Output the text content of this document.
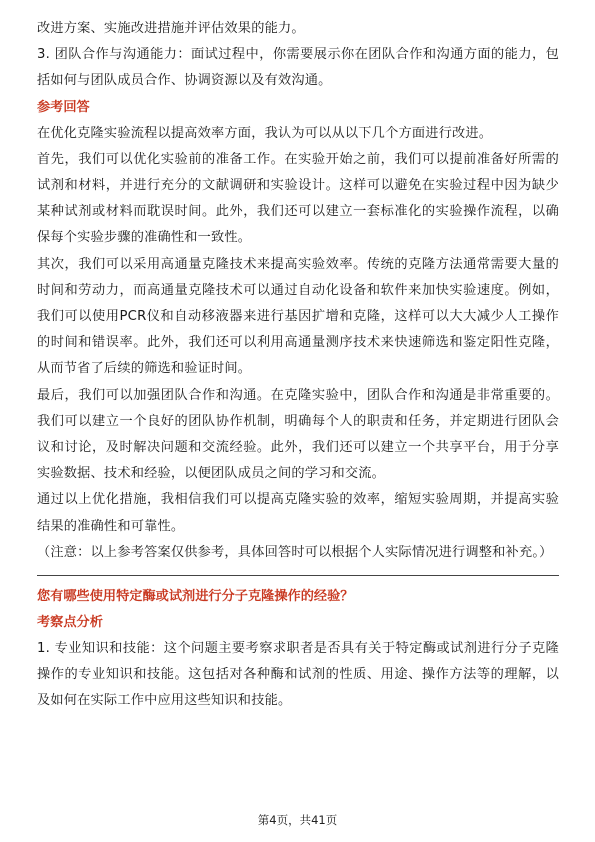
改进方案、实施改进措施并评估效果的能力。

3. 团队合作与沟通能力：面试过程中，你需要展示你在团队合作和沟通方面的能力，包括如何与团队成员合作、协调资源以及有效沟通。

参考回答

在优化克隆实验流程以提高效率方面，我认为可以从以下几个方面进行改进。

首先，我们可以优化实验前的准备工作。在实验开始之前，我们可以提前准备好所需的试剂和材料，并进行充分的文献调研和实验设计。这样可以避免在实验过程中因为缺少某种试剂或材料而耽误时间。此外，我们还可以建立一套标准化的实验操作流程，以确保每个实验步骤的准确性和一致性。

其次，我们可以采用高通量克隆技术来提高实验效率。传统的克隆方法通常需要大量的时间和劳动力，而高通量克隆技术可以通过自动化设备和软件来加快实验速度。例如，我们可以使用PCR仪和自动移液器来进行基因扩增和克隆，这样可以大大减少人工操作的时间和错误率。此外，我们还可以利用高通量测序技术来快速筛选和鉴定阳性克隆，从而节省了后续的筛选和验证时间。

最后，我们可以加强团队合作和沟通。在克隆实验中，团队合作和沟通是非常重要的。我们可以建立一个良好的团队协作机制，明确每个人的职责和任务，并定期进行团队会议和讨论，及时解决问题和交流经验。此外，我们还可以建立一个共享平台，用于分享实验数据、技术和经验，以便团队成员之间的学习和交流。

通过以上优化措施，我相信我们可以提高克隆实验的效率，缩短实验周期，并提高实验结果的准确性和可靠性。

（注意：以上参考答案仅供参考，具体回答时可以根据个人实际情况进行调整和补充。）

您有哪些使用特定酶或试剂进行分子克隆操作的经验？
考察点分析

1. 专业知识和技能：这个问题主要考察求职者是否具有关于特定酶或试剂进行分子克隆操作的专业知识和技能。这包括对各种酶和试剂的性质、用途、操作方法等的理解，以及如何在实际工作中应用这些知识和技能。

第4页，共41页
